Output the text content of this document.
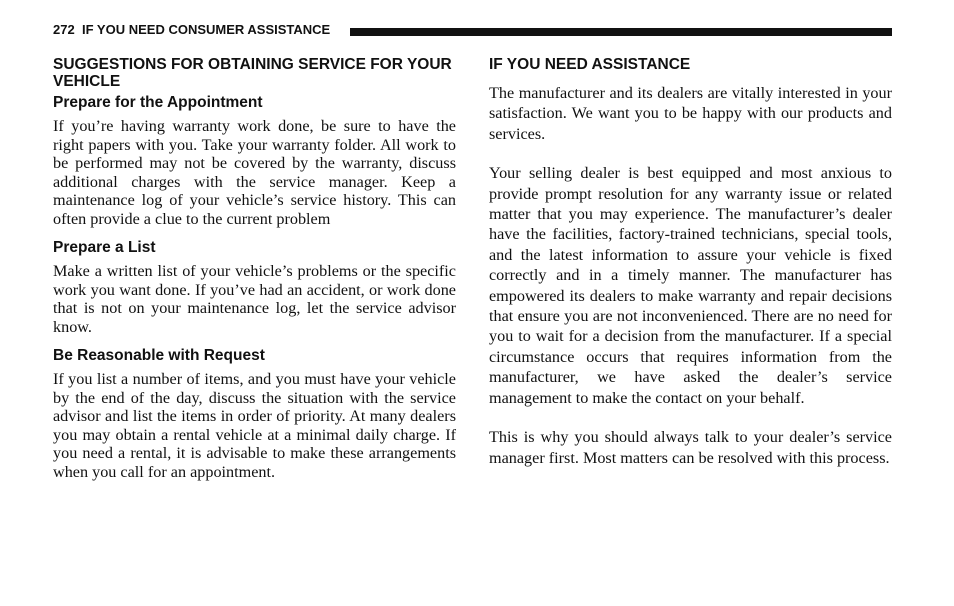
272 IF YOU NEED CONSUMER ASSISTANCE
SUGGESTIONS FOR OBTAINING SERVICE FOR YOUR VEHICLE
Prepare for the Appointment

If you’re having warranty work done, be sure to have the right papers with you. Take your warranty folder. All work to be performed may not be covered by the warranty, discuss additional charges with the service manager. Keep a maintenance log of your vehicle’s service history. This can often provide a clue to the current problem

Prepare a List

Make a written list of your vehicle’s problems or the specific work you want done. If you’ve had an accident, or work done that is not on your maintenance log, let the service advisor know.

Be Reasonable with Request

If you list a number of items, and you must have your vehicle by the end of the day, discuss the situation with the service advisor and list the items in order of priority. At many dealers you may obtain a rental vehicle at a minimal daily charge. If you need a rental, it is advisable to make these arrangements when you call for an appointment.

IF YOU NEED ASSISTANCE

The manufacturer and its dealers are vitally interested in your satisfaction. We want you to be happy with our products and services.

Your selling dealer is best equipped and most anxious to provide prompt resolution for any warranty issue or related matter that you may experience. The manufacturer’s dealer have the facilities, factory-trained technicians, special tools, and the latest information to assure your vehicle is fixed correctly and in a timely manner. The manufacturer has empowered its dealers to make warranty and repair decisions that ensure you are not inconvenienced. There are no need for you to wait for a decision from the manufacturer. If a special circumstance occurs that requires information from the manufacturer, we have asked the dealer’s service management to make the contact on your behalf.

This is why you should always talk to your dealer’s service manager first. Most matters can be resolved with this process.
